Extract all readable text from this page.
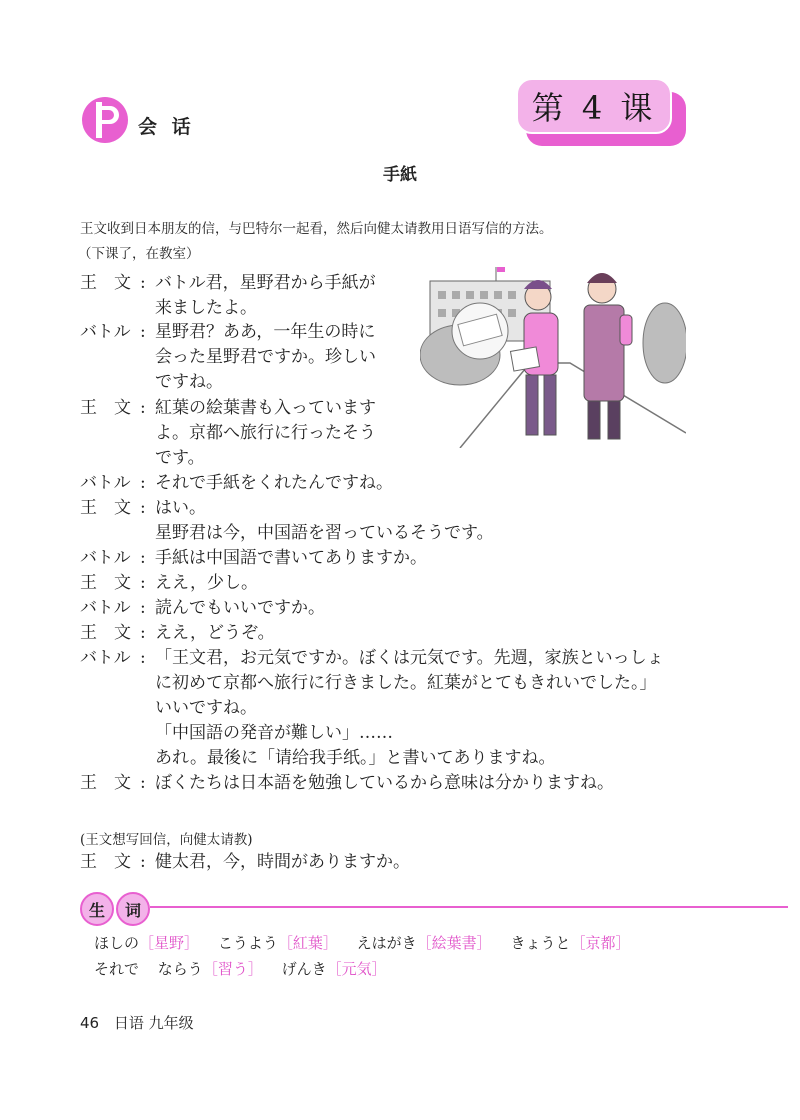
第 4 课
会 话
手紙
王文收到日本朋友的信，与巴特尔一起看，然后向健太请教用日语写信的方法。
（下课了，在教室）
王　文 : バトル君，星野君から手紙が
来ましたよ。
バトル : 星野君？ああ，一年生の時に
会った星野君ですか。珍しい
ですね。
王　文 : 紅葉の絵葉書も入っています
よ。京都へ旅行に行ったそう
です。
バトル : それで手紙をくれたんですね。
王　文 : はい。
星野君は今，中国語を習っているそうです。
バトル : 手紙は中国語で書いてありますか。
王　文 : ええ，少し。
バトル : 読んでもいいですか。
王　文 : ええ，どうぞ。
バトル : 「王文君，お元気ですか。ぼくは元気です。先週，家族といっしょ
に初めて京都へ旅行に行きました。紅葉がとてもきれいでした。」
いいですね。
「中国語の発音が難しい」……
あれ。最後に「请给我手纸。」と書いてありますね。
王　文 : ぼくたちは日本語を勉強しているから意味は分かりますね。
(王文想写回信，向健太请教)
王　文 : 健太君，今，時間がありますか。
生 词
ほしの［星野］ こうよう［紅葉］ えはがき［絵葉書］ きょうと［京都］
それで ならう［習う］ げんき［元気］
46 日语 九年级
